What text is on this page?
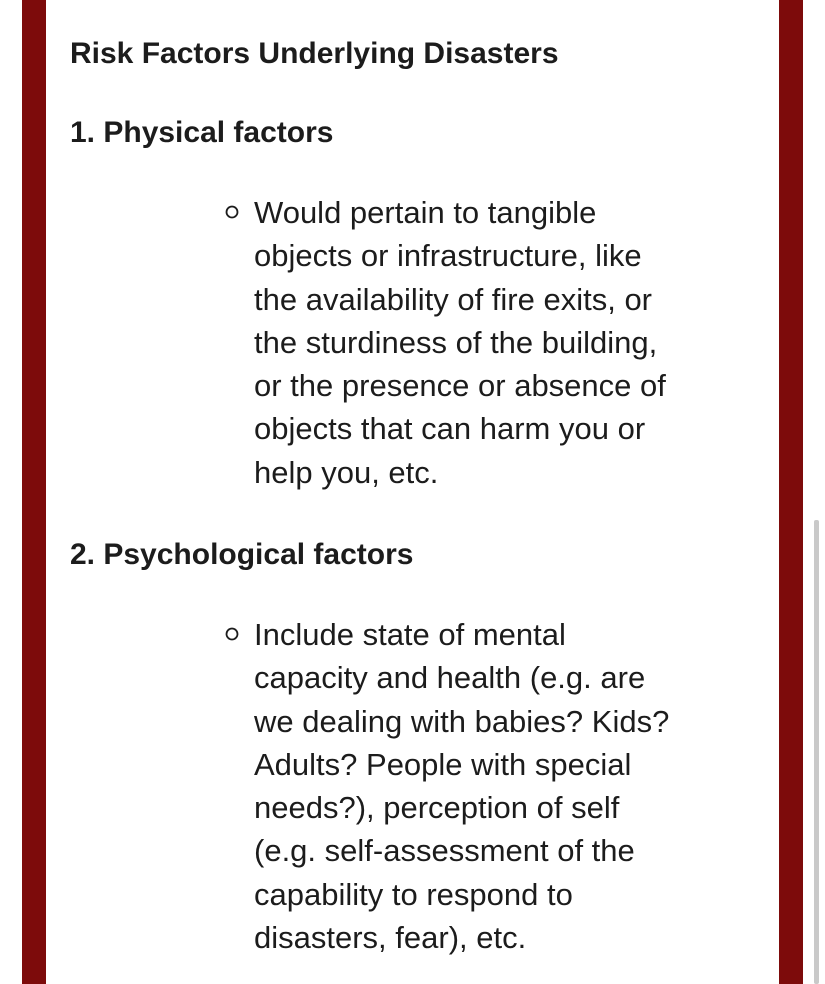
Risk Factors Underlying Disasters
1. Physical factors
Would pertain to tangible
objects or infrastructure, like
the availability of fire exits, or
the sturdiness of the building,
or the presence or absence of
objects that can harm you or
help you, etc.
2. Psychological factors
Include state of mental
capacity and health (e.g. are
we dealing with babies? Kids?
Adults? People with special
needs?), perception of self
(e.g. self-assessment of the
capability to respond to
disasters, fear), etc.
